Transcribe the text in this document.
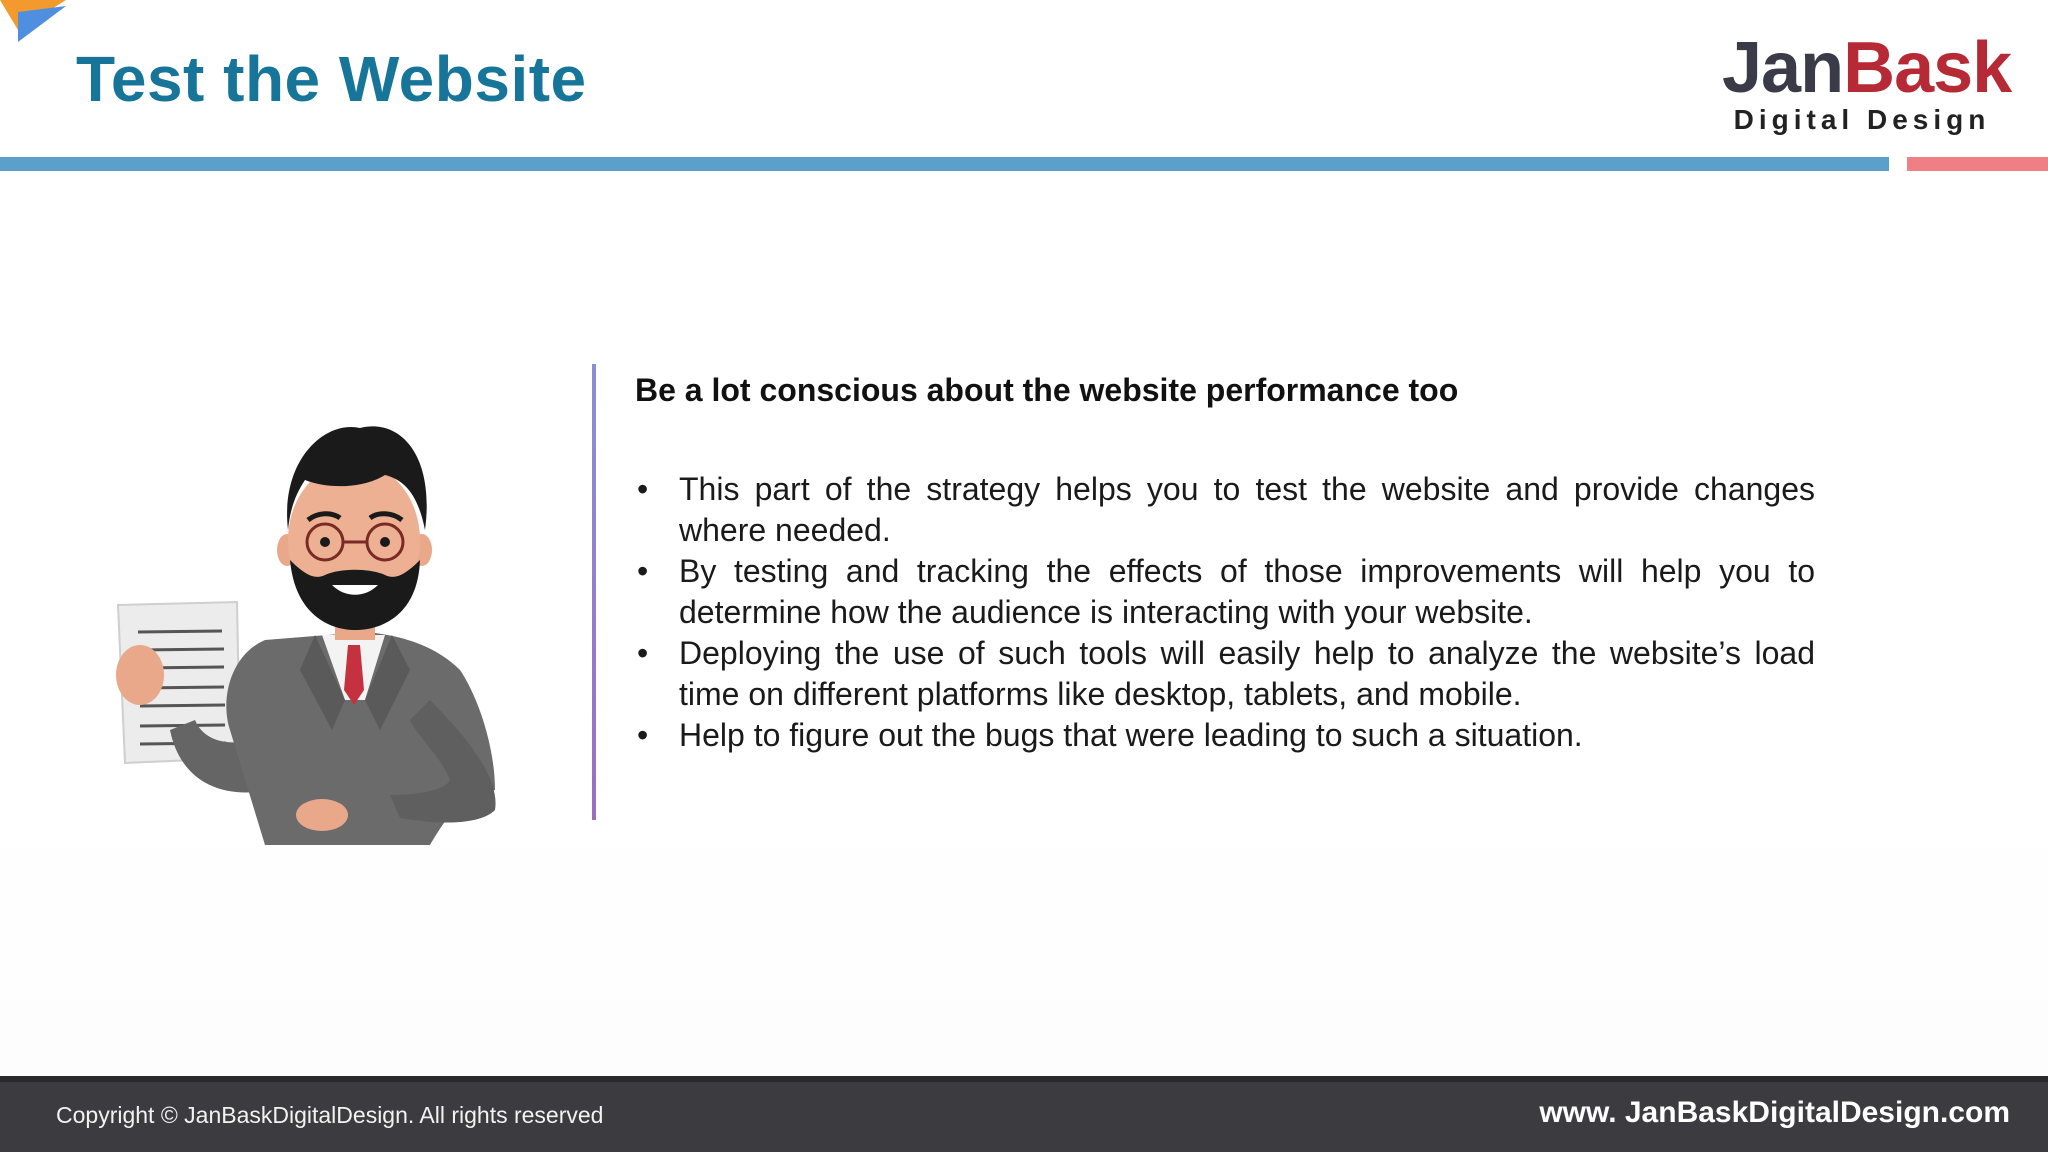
Test the Website	JanBask
Digital Design
Be a lot conscious about the website performance too
• This part of the strategy helps you to test the website and provide changes where needed.
• By testing and tracking the effects of those improvements will help you to determine how the audience is interacting with your website.
• Deploying the use of such tools will easily help to analyze the website’s load time on different platforms like desktop, tablets, and mobile.
• Help to figure out the bugs that were leading to such a situation.
Copyright © JanBaskDigitalDesign. All rights reserved	www. JanBaskDigitalDesign.com
